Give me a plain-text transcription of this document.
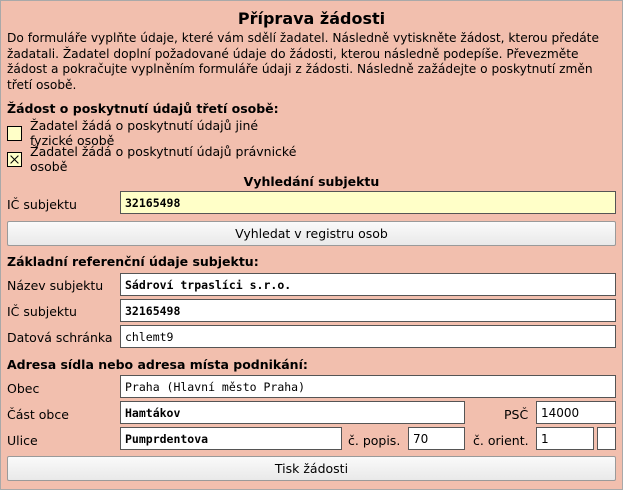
Příprava žádosti
Do formuláře vyplňte údaje, které vám sdělí žadatel. Následně vytiskněte žádost, kterou předáte žadatali. Žadatel doplní požadované údaje do žádosti, kterou následně podepíše. Převezměte žádost a pokračujte vyplněním formuláře údaji z žádosti. Následně zažádejte o poskytnutí změn třetí osobě.
Žádost o poskytnutí údajů třetí osobě:
Žadatel žádá o poskytnutí údajů jiné fyzické osobě
Žadatel žádá o poskytnutí údajů právnické osobě
Vyhledání subjektu
IČ subjektu	32165498
Vyhledat v registru osob
Základní referenční údaje subjektu:
Název subjektu	Sádroví trpaslíci s.r.o.
IČ subjektu	32165498
Datová schránka	chlemt9
Adresa sídla nebo adresa místa podnikání:
Obec	Praha (Hlavní město Praha)
Část obce	Hamtákov	PSČ	14000
Ulice	Pumprdentova	č. popis.	70	č. orient.	1
Tisk žádosti
